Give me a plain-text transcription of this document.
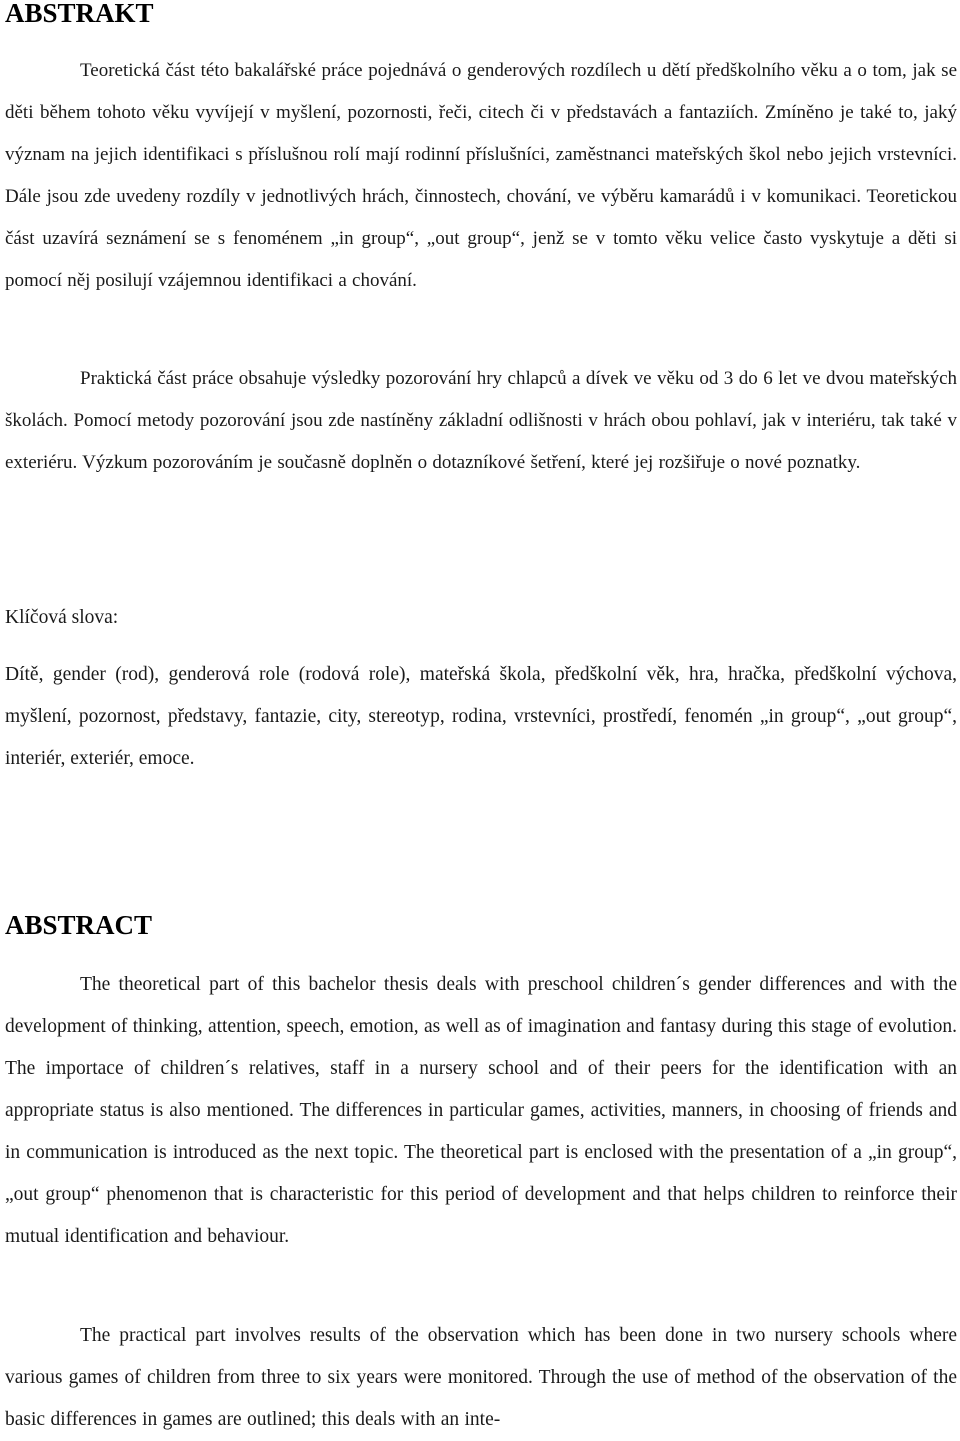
ABSTRAKT

Teoretická část této bakalářské práce pojednává o genderových rozdílech u dětí předškolního věku a o tom, jak se děti během tohoto věku vyvíjejí v myšlení, pozornosti, řeči, citech či v představách a fantaziích. Zmíněno je také to, jaký význam na jejich identifikaci s příslušnou rolí mají rodinní příslušníci, zaměstnanci mateřských škol nebo jejich vrstevníci. Dále jsou zde uvedeny rozdíly v jednotlivých hrách, činnostech, chování, ve výběru kamarádů i v komunikaci. Teoretickou část uzavírá seznámení se s fenoménem „in group“, „out group“, jenž se v tomto věku velice často vyskytuje a děti si pomocí něj posilují vzájemnou identifikaci a chování.

Praktická část práce obsahuje výsledky pozorování hry chlapců a dívek ve věku od 3 do 6 let ve dvou mateřských školách. Pomocí metody pozorování jsou zde nastíněny základní odlišnosti v hrách obou pohlaví, jak v interiéru, tak také v exteriéru. Výzkum pozorováním je současně doplněn o dotazníkové šetření, které jej rozšiřuje o nové poznatky.

Klíčová slova:

Dítě, gender (rod), genderová role (rodová role), mateřská škola, předškolní věk, hra, hračka, předškolní výchova, myšlení, pozornost, představy, fantazie, city, stereotyp, rodina, vrstevníci, prostředí, fenomén „in group“, „out group“, interiér, exteriér, emoce.

ABSTRACT

The theoretical part of this bachelor thesis deals with preschool children´s gender differences and with the development of thinking, attention, speech, emotion, as well as of imagination and fantasy during this stage of evolution. The importace of children´s relatives, staff in a nursery school and of their peers for the identification with an appropriate status is also mentioned. The differences in particular games, activities, manners, in choosing of friends and in communication is introduced as the next topic. The theoretical part is enclosed with the presentation of a „in group“, „out group“ phenomenon that is characteristic for this period of development and that helps children to reinforce their mutual identification and behaviour.

The practical part involves results of the observation which has been done in two nursery schools where various games of children from three to six years were monitored. Through the use of method of the observation of the basic differences in games are outlined; this deals with an inte-
